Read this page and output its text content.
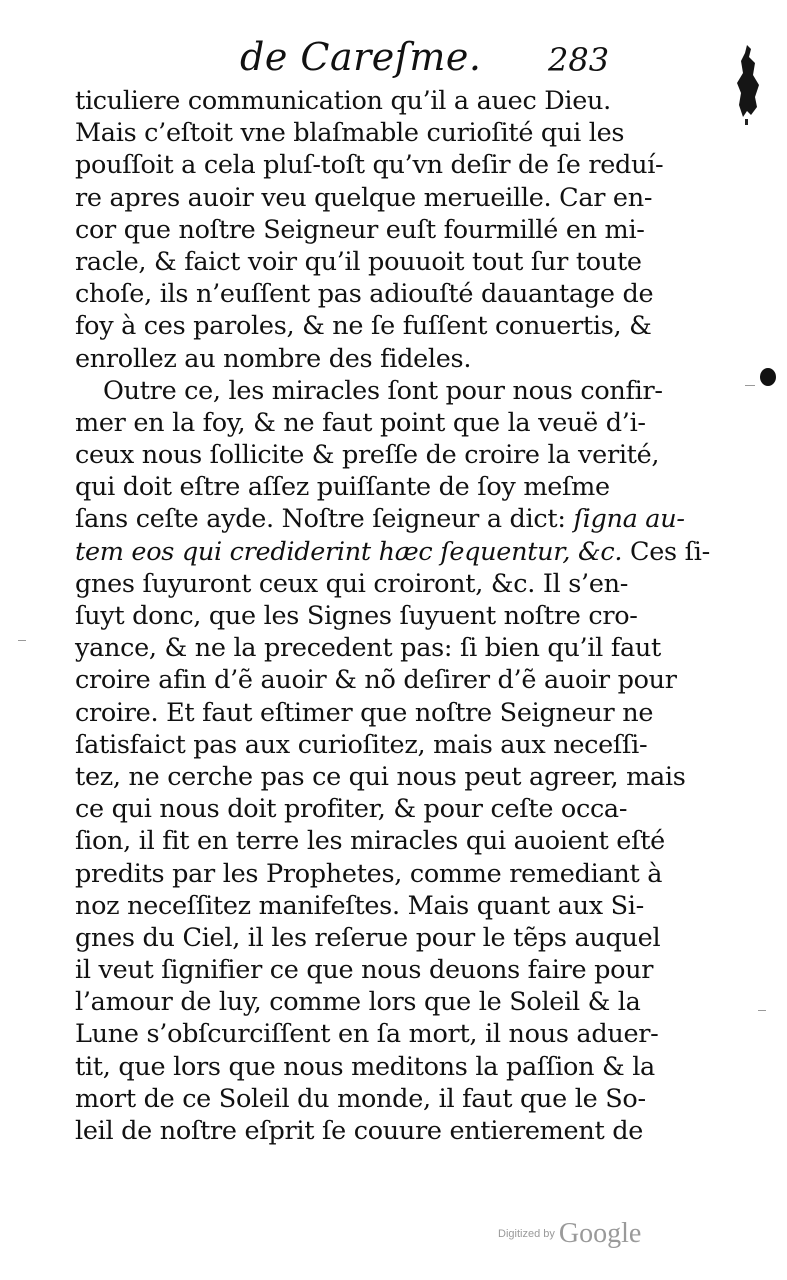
de Careſme. 283
ticuliere communication qu’il a auec Dieu.
Mais c’eſtoit vne blaſmable curioſité qui les
pouſſoit a cela pluſ-toſt qu’vn deſir de ſe reduí-
re apres auoir veu quelque merueille. Car en-
cor que noſtre Seigneur euſt fourmillé en mi-
racle, & faict voir qu’il pouuoit tout ſur toute
choſe, ils n’euſſent pas adiouſté dauantage de
foy à ces paroles, & ne ſe fuſſent conuertis, &
enrollez au nombre des fideles.
Outre ce, les miracles ſont pour nous confir-
mer en la foy, & ne faut point que la veuë d’i-
ceux nous ſollicite & preſſe de croire la verité,
qui doit eſtre aſſez puiſſante de ſoy meſme
ſans ceſte ayde. Noſtre ſeigneur a dict: ſigna au-
tem eos qui crediderint hæc ſequentur, &c. Ces ſi-
gnes ſuyuront ceux qui croiront, &c. Il s’en-
ſuyt donc, que les Signes ſuyuent noſtre cro-
yance, & ne la precedent pas: ſi bien qu’il faut
croire afin d’ẽ auoir & nõ deſirer d’ẽ auoir pour
croire. Et faut eſtimer que noſtre Seigneur ne
ſatisfaict pas aux curioſitez, mais aux neceſſi-
tez, ne cerche pas ce qui nous peut agreer, mais
ce qui nous doit profiter, & pour ceſte occa-
ſion, il fit en terre les miracles qui auoient eſté
predits par les Prophetes, comme remediant à
noz neceſſitez manifeſtes. Mais quant aux Si-
gnes du Ciel, il les reſerue pour le tẽps auquel
il veut ſignifier ce que nous deuons faire pour
l’amour de luy, comme lors que le Soleil & la
Lune s’obſcurciſſent en ſa mort, il nous aduer-
tit, que lors que nous meditons la paſſion & la
mort de ce Soleil du monde, il faut que le So-
leil de noſtre eſprit ſe couure entierement de
Digitized by Google
